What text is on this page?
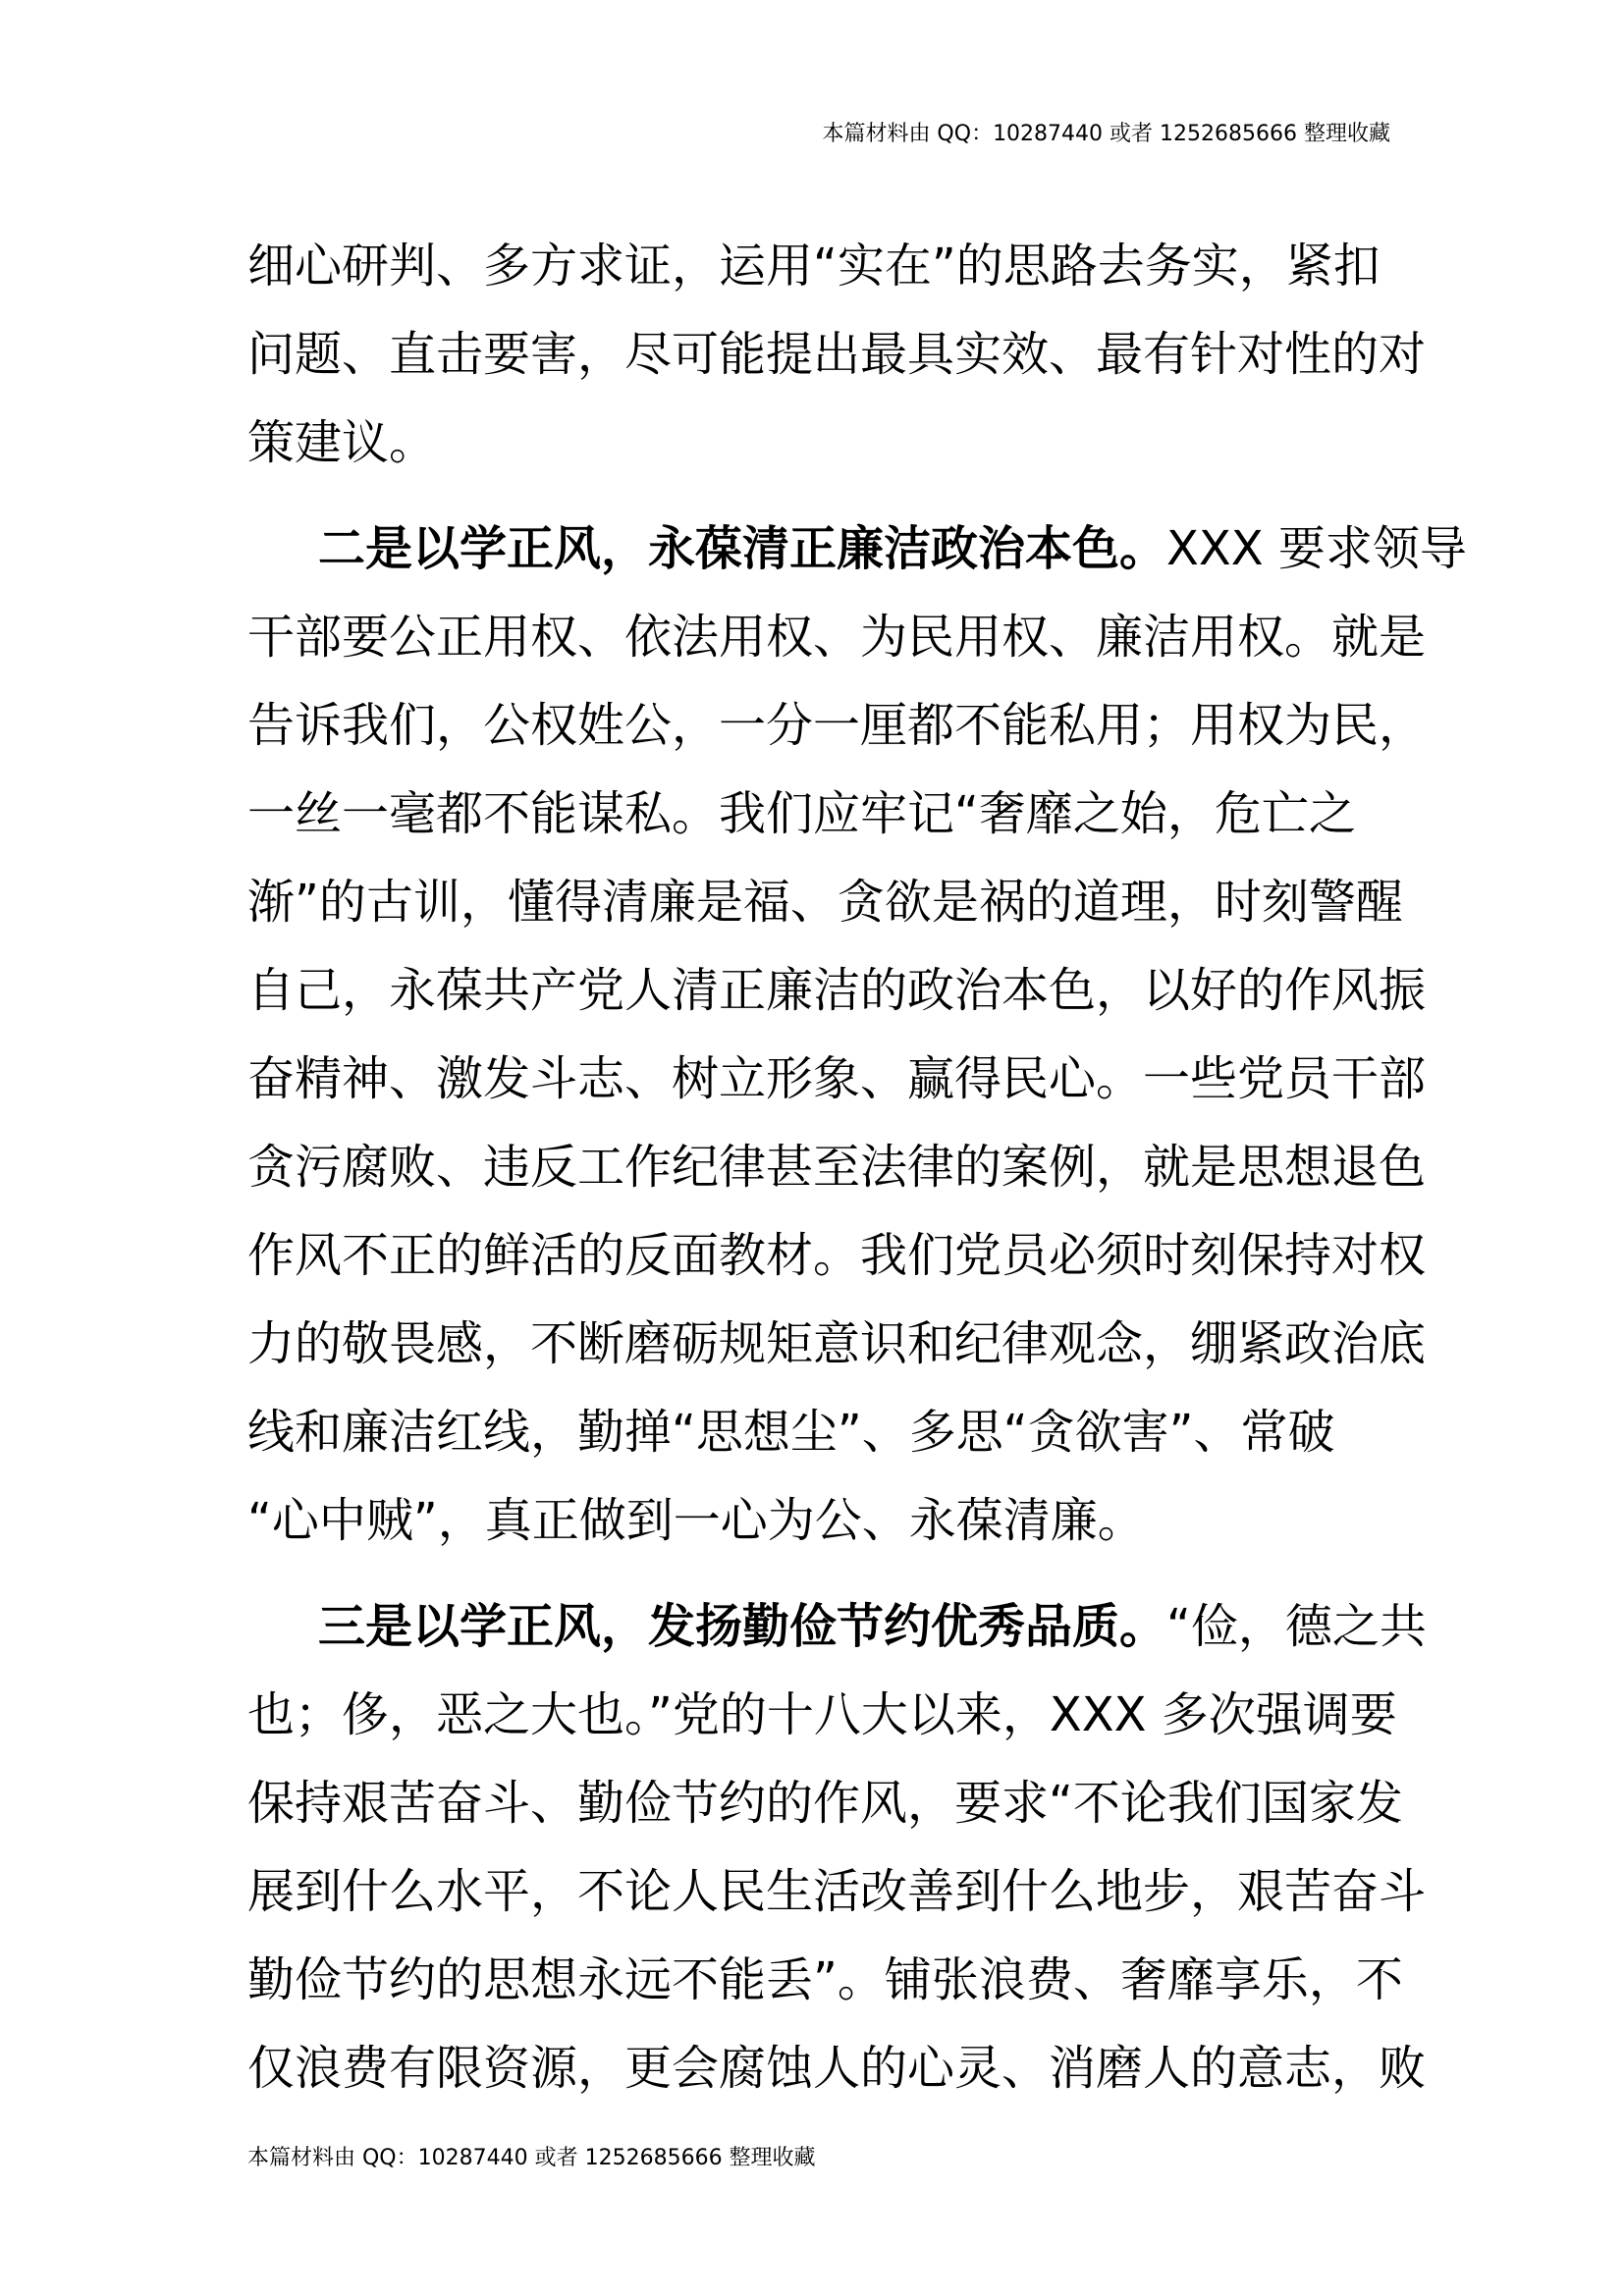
本篇材料由 QQ：10287440 或者 1252685666 整理收藏
细心研判、多方求证，运用“实在”的思路去务实，紧扣
问题、直击要害，尽可能提出最具实效、最有针对性的对
策建议。
二是以学正风，永葆清正廉洁政治本色。XXX 要求领导
干部要公正用权、依法用权、为民用权、廉洁用权。就是
告诉我们，公权姓公，一分一厘都不能私用；用权为民，
一丝一毫都不能谋私。我们应牢记“奢靡之始，危亡之
渐”的古训，懂得清廉是福、贪欲是祸的道理，时刻警醒
自己，永葆共产党人清正廉洁的政治本色，以好的作风振
奋精神、激发斗志、树立形象、赢得民心。一些党员干部
贪污腐败、违反工作纪律甚至法律的案例，就是思想退色
作风不正的鲜活的反面教材。我们党员必须时刻保持对权
力的敬畏感，不断磨砺规矩意识和纪律观念，绷紧政治底
线和廉洁红线，勤掸“思想尘”、多思“贪欲害”、常破
“心中贼”，真正做到一心为公、永葆清廉。
三是以学正风，发扬勤俭节约优秀品质。“俭，德之共
也；侈，恶之大也。”党的十八大以来，XXX 多次强调要
保持艰苦奋斗、勤俭节约的作风，要求“不论我们国家发
展到什么水平，不论人民生活改善到什么地步，艰苦奋斗
勤俭节约的思想永远不能丢”。铺张浪费、奢靡享乐，不
仅浪费有限资源，更会腐蚀人的心灵、消磨人的意志，败
本篇材料由 QQ：10287440 或者 1252685666 整理收藏
